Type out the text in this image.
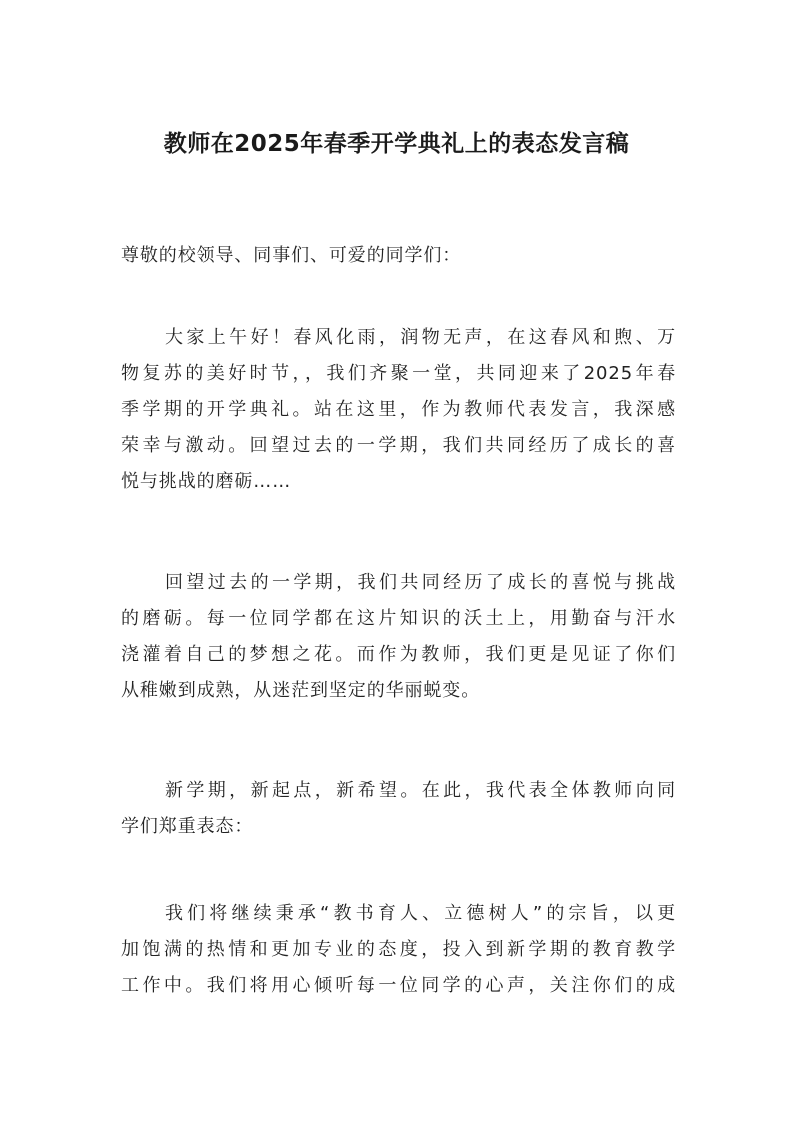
教师在2025年春季开学典礼上的表态发言稿
尊敬的校领导、同事们、可爱的同学们：
大家上午好！春风化雨，润物无声，在这春风和煦、万
物复苏的美好时节，，我们齐聚一堂，共同迎来了2025年春
季学期的开学典礼。站在这里，作为教师代表发言，我深感
荣幸与激动。回望过去的一学期，我们共同经历了成长的喜
悦与挑战的磨砺……
回望过去的一学期，我们共同经历了成长的喜悦与挑战
的磨砺。每一位同学都在这片知识的沃土上，用勤奋与汗水
浇灌着自己的梦想之花。而作为教师，我们更是见证了你们
从稚嫩到成熟，从迷茫到坚定的华丽蜕变。
新学期，新起点，新希望。在此，我代表全体教师向同
学们郑重表态：
我们将继续秉承“教书育人、立德树人”的宗旨，以更
加饱满的热情和更加专业的态度，投入到新学期的教育教学
工作中。我们将用心倾听每一位同学的心声，关注你们的成
